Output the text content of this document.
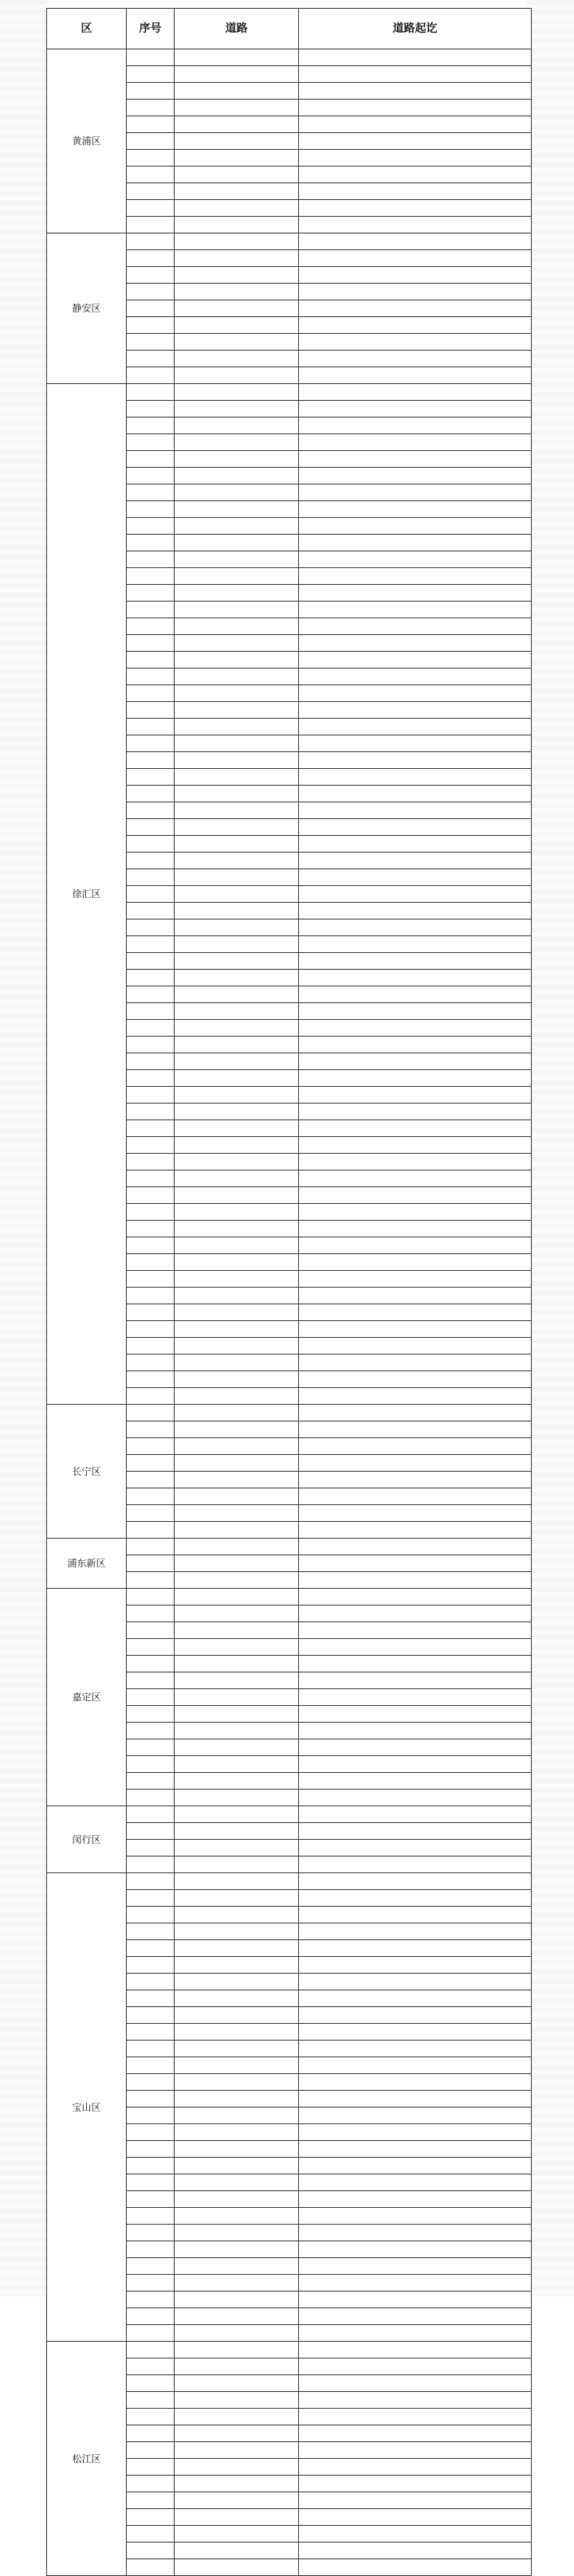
区	序号	道路	道路起讫
黄浦区			

静安区			

徐汇区			

长宁区			

浦东新区			

嘉定区			

闵行区			

宝山区			

松江区			
